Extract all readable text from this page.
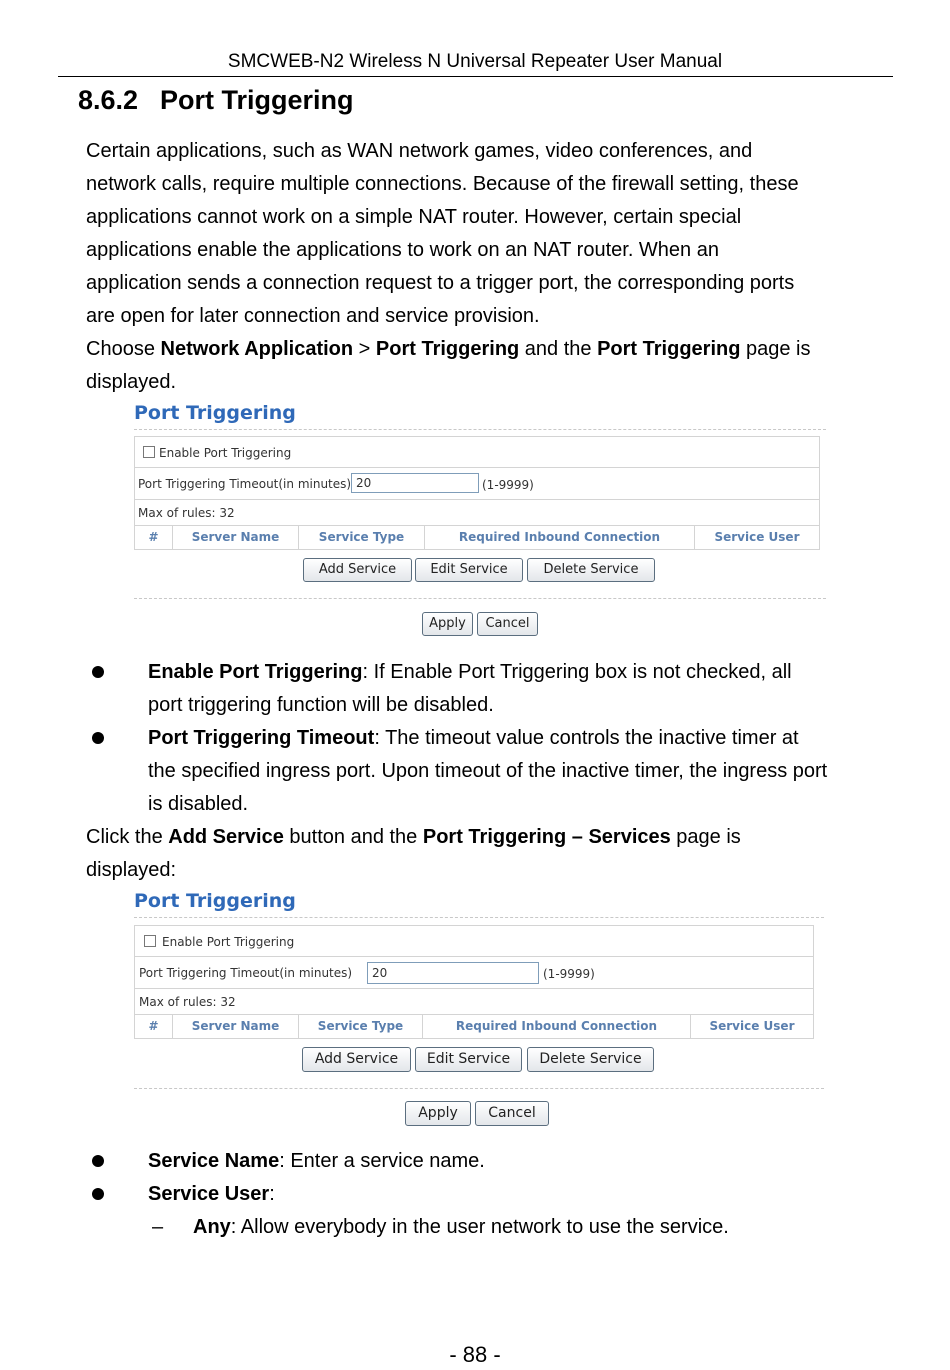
SMCWEB-N2 Wireless N Universal Repeater User Manual
8.6.2 Port Triggering
Certain applications, such as WAN network games, video conferences, and
network calls, require multiple connections. Because of the firewall setting, these
applications cannot work on a simple NAT router. However, certain special
applications enable the applications to work on an NAT router. When an
application sends a connection request to a trigger port, the corresponding ports
are open for later connection and service provision.
Choose Network Application > Port Triggering and the Port Triggering page is
displayed.
Port Triggering
Enable Port Triggering
Port Triggering Timeout(in minutes) 20	(1-9999)
Max of rules: 32
#	Server Name	Service Type	Required Inbound Connection	Service User
Add Service	Edit Service	Delete Service
Apply	Cancel
Enable Port Triggering: If Enable Port Triggering box is not checked, all
port triggering function will be disabled.
Port Triggering Timeout: The timeout value controls the inactive timer at
the specified ingress port. Upon timeout of the inactive timer, the ingress port
is disabled.
Click the Add Service button and the Port Triggering – Services page is
displayed:
Port Triggering
Enable Port Triggering
Port Triggering Timeout(in minutes)	20	(1-9999)
Max of rules: 32
#	Server Name	Service Type	Required Inbound Connection	Service User
Add Service	Edit Service	Delete Service
Apply	Cancel
Service Name: Enter a service name.
Service User:
–	Any: Allow everybody in the user network to use the service.
- 88 -
